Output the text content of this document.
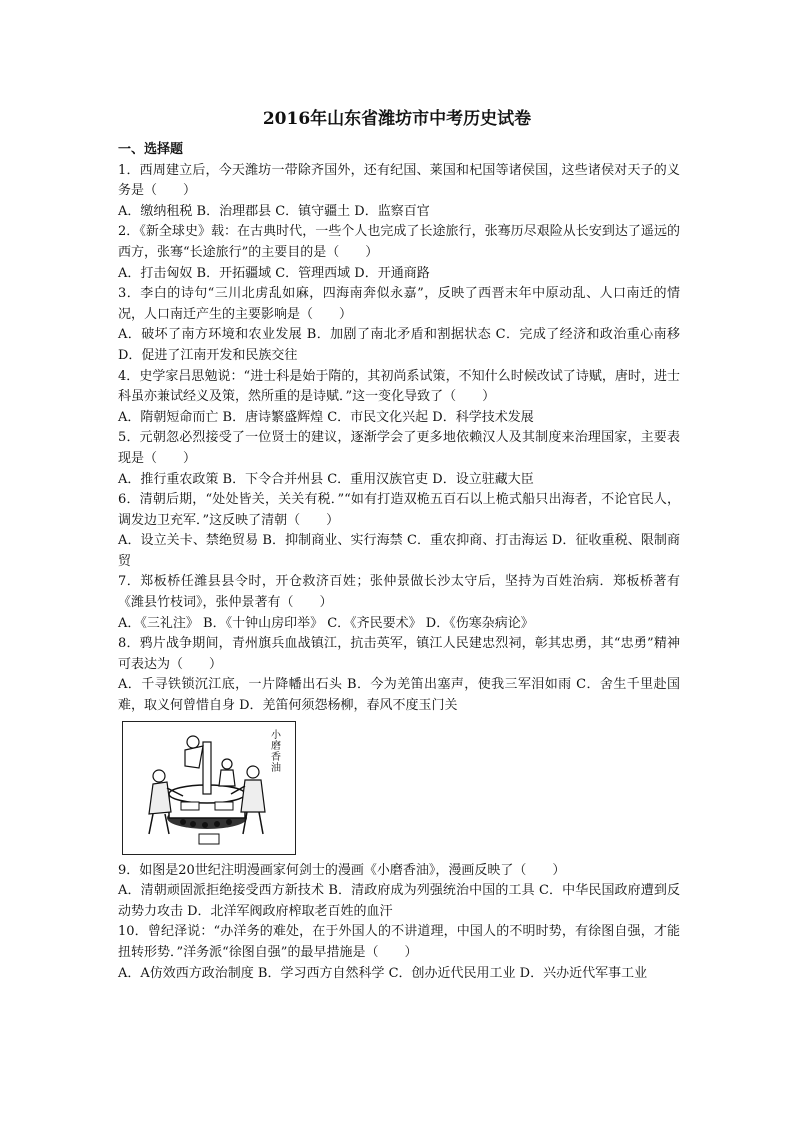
2016年山东省潍坊市中考历史试卷

一、选择题

1．西周建立后，今天潍坊一带除齐国外，还有纪国、莱国和杞国等诸侯国，这些诸侯对天子的义务是（　　）

A．缴纳租税 B．治理郡县 C．镇守疆土 D．监察百官

2．《新全球史》载：在古典时代，一些个人也完成了长途旅行，张骞历尽艰险从长安到达了遥远的西方，张骞“长途旅行”的主要目的是（　　）

A．打击匈奴 B．开拓疆域 C．管理西域 D．开通商路

3．李白的诗句“三川北虏乱如麻，四海南奔似永嘉”，反映了西晋末年中原动乱、人口南迁的情况，人口南迁产生的主要影响是（　　）

A．破坏了南方环境和农业发展 B．加剧了南北矛盾和割据状态 C．完成了经济和政治重心南移 D．促进了江南开发和民族交往

4．史学家吕思勉说：“进士科是始于隋的，其初尚系试策，不知什么时候改试了诗赋，唐时，进士科虽亦兼试经义及策，然所重的是诗赋．”这一变化导致了（　　）

A．隋朝短命而亡 B．唐诗繁盛辉煌 C．市民文化兴起 D．科学技术发展

5．元朝忽必烈接受了一位贤士的建议，逐渐学会了更多地依赖汉人及其制度来治理国家，主要表现是（　　）

A．推行重农政策 B．下令合并州县 C．重用汉族官吏 D．设立驻藏大臣

6．清朝后期，“处处皆关，关关有税．”“如有打造双桅五百石以上桅式船只出海者，不论官民人，调发边卫充军．”这反映了清朝（　　）

A．设立关卡、禁绝贸易 B．抑制商业、实行海禁 C．重农抑商、打击海运 D．征收重税、限制商贸

7．郑板桥任潍县县令时，开仓救济百姓；张仲景做长沙太守后，坚持为百姓治病．郑板桥著有《潍县竹枝词》，张仲景著有（　　）

A．《三礼注》 B．《十钟山房印举》 C．《齐民要术》 D．《伤寒杂病论》

8．鸦片战争期间，青州旗兵血战镇江，抗击英军，镇江人民建忠烈祠，彰其忠勇，其“忠勇”精神可表达为（　　）

A．千寻铁锁沉江底，一片降幡出石头 B．今为羌笛出塞声，使我三军泪如雨 C．舍生千里赴国难，取义何曾惜自身 D．羌笛何须怨杨柳，春风不度玉门关

小磨香油

9．如图是20世纪注明漫画家何剑士的漫画《小磨香油》，漫画反映了（　　）

A．清朝顽固派拒绝接受西方新技术 B．清政府成为列强统治中国的工具 C．中华民国政府遭到反动势力攻击 D．北洋军阀政府榨取老百姓的血汗

10．曾纪泽说：“办洋务的难处，在于外国人的不讲道理，中国人的不明时势，有徐图自强，才能扭转形势．”洋务派“徐图自强”的最早措施是（　　）

A．A仿效西方政治制度 B．学习西方自然科学 C．创办近代民用工业 D．兴办近代军事工业
